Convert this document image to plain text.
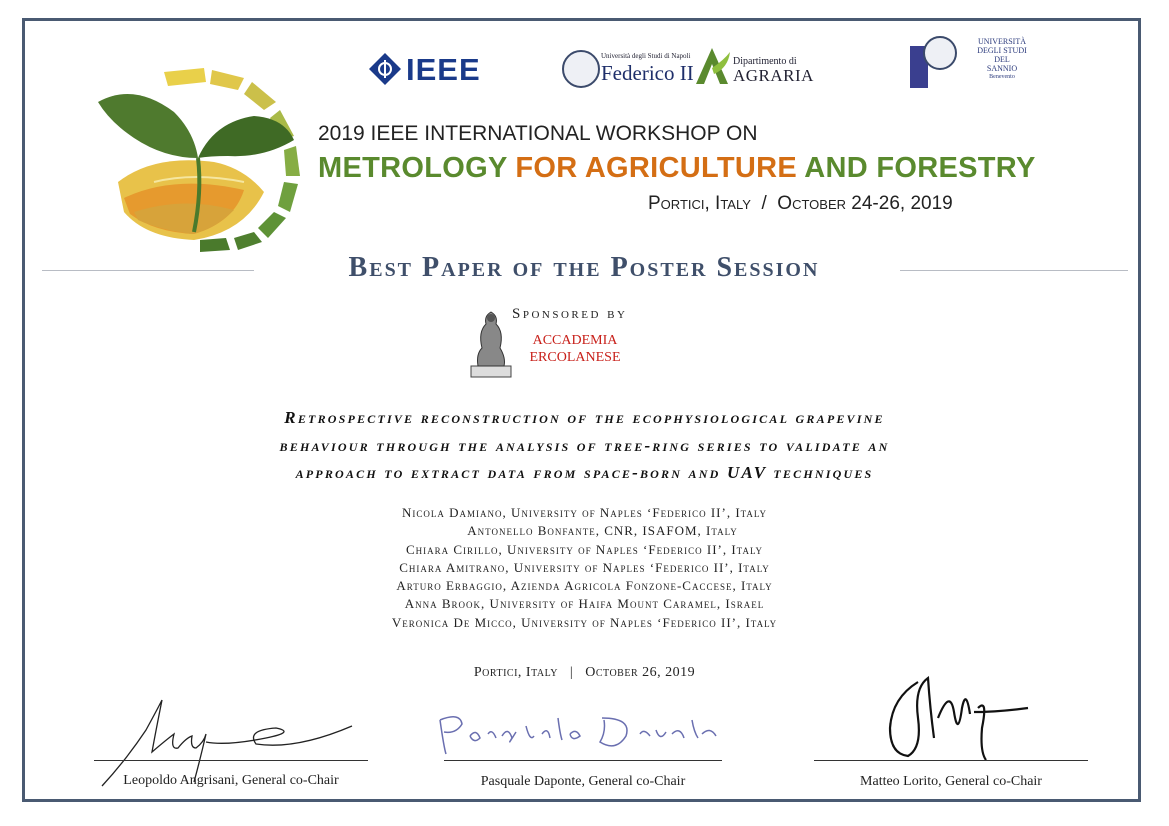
IEEE	Università degli Studi di Napoli
Federico II	Dipartimento di
AGRARIA
UNIVERSITÀ
DEGLI STUDI
DEL
SANNIO
Benevento
2019 IEEE INTERNATIONAL WORKSHOP ON
METROLOGY FOR AGRICULTURE AND FORESTRY
Portici, Italy  /  October 24-26, 2019
Best Paper of the Poster Session
Sponsored by
ACCADEMIA
ERCOLANESE
Retrospective reconstruction of the ecophysiological grapevine
behaviour through the analysis of tree-ring series to validate an
approach to extract data from space-born and UAV techniques
Nicola Damiano, University of Naples ‘Federico II’, Italy
Antonello Bonfante, CNR, ISAFOM, Italy
Chiara Cirillo, University of Naples ‘Federico II’, Italy
Chiara Amitrano, University of Naples ‘Federico II’, Italy
Arturo Erbaggio, Azienda Agricola Fonzone-Caccese, Italy
Anna Brook, University of Haifa Mount Caramel, Israel
Veronica De Micco, University of Naples ‘Federico II’, Italy
Portici, Italy   |   October 26, 2019
Leopoldo Angrisani, General co-Chair	Pasquale Daponte, General co-Chair	Matteo Lorito, General co-Chair
